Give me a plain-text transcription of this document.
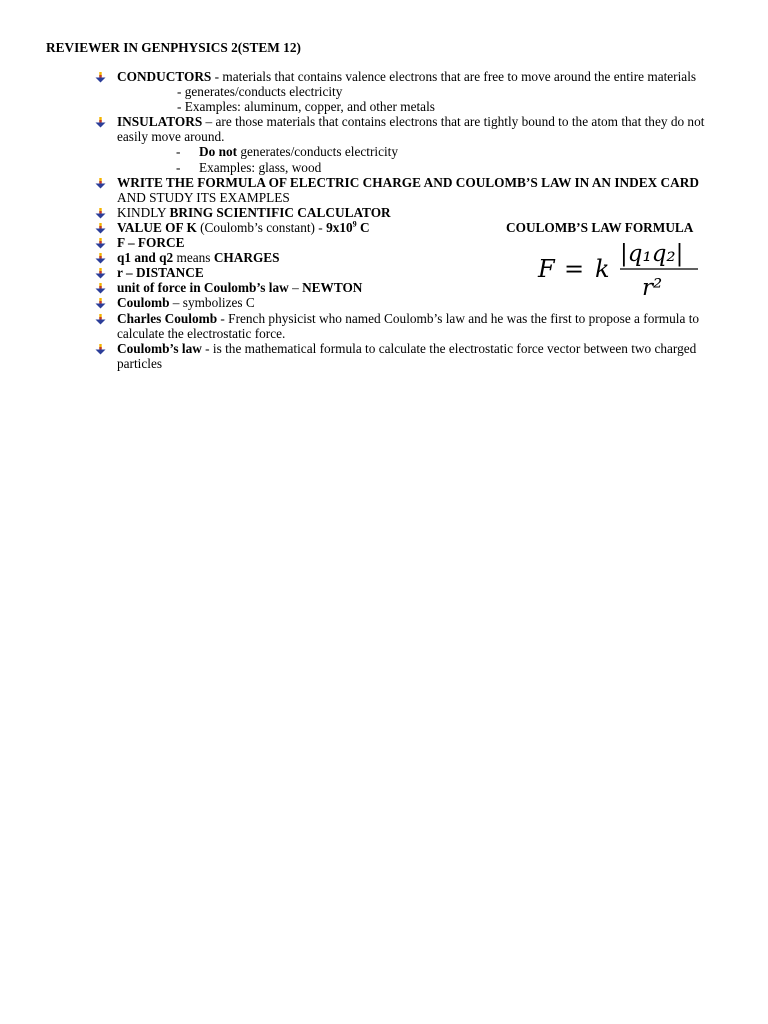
REVIEWER IN GENPHYSICS 2(STEM 12)
CONDUCTORS - materials that contains valence electrons that are free to move around the entire materials
- generates/conducts electricity
- Examples: aluminum, copper, and other metals
INSULATORS – are those materials that contains electrons that are tightly bound to the atom that they do not easily move around.
-	Do not generates/conducts electricity
-	Examples: glass, wood
WRITE THE FORMULA OF ELECTRIC CHARGE AND COULOMB’S LAW IN AN INDEX CARD AND STUDY ITS EXAMPLES
KINDLY BRING SCIENTIFIC CALCULATOR
VALUE OF K (Coulomb’s constant) - $9x10^9$ C
F – FORCE
q1 and q2 means CHARGES
r – DISTANCE
unit of force in Coulomb’s law – NEWTON
Coulomb – symbolizes C
Charles Coulomb - French physicist who named Coulomb’s law and he was the first to propose a formula to calculate the electrostatic force.
Coulomb’s law - is the mathematical formula to calculate the electrostatic force vector between two charged particles
COULOMB’S LAW FORMULA
F = k
|q₁q₂|
r²
